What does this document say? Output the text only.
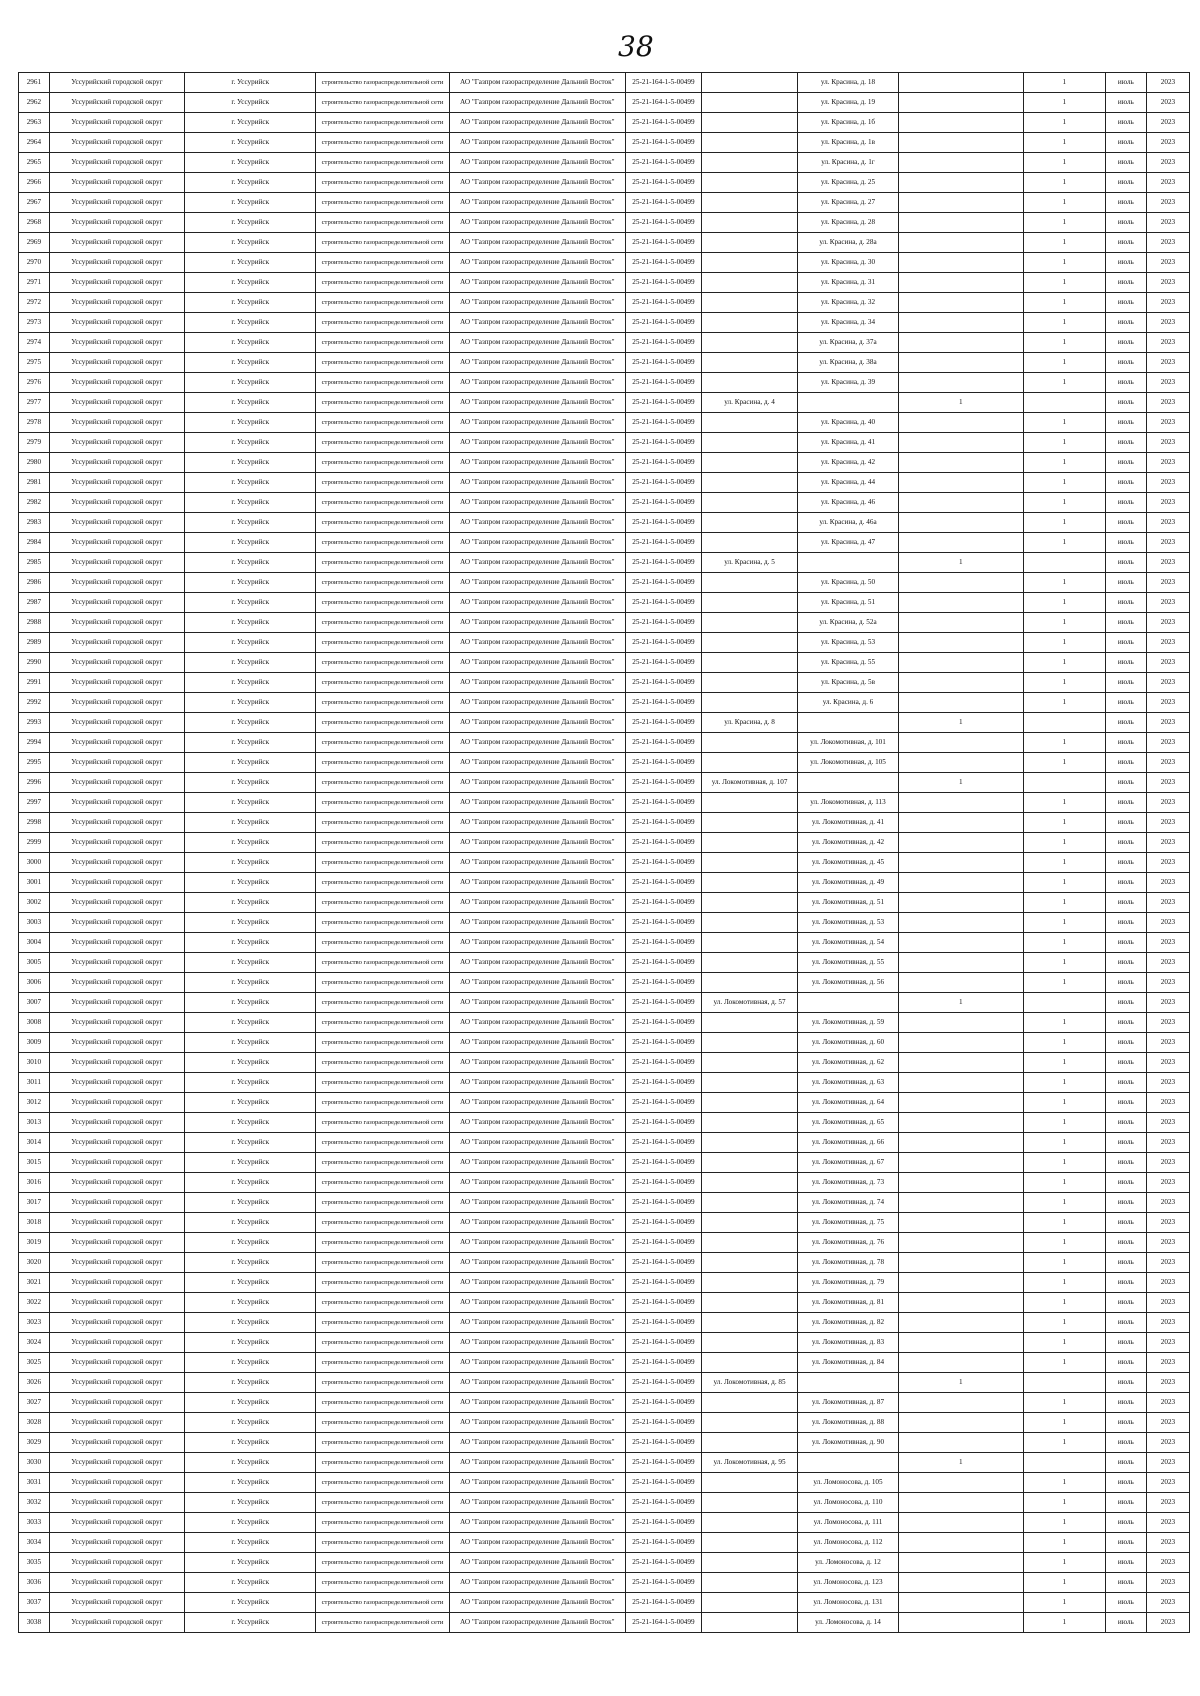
38
2961	Уссурийский городской округ	г. Уссурийск	строительство газораспределительной сети	АО "Газпром газораспределение Дальний Восток"	25-21-164-1-5-00499		ул. Красина, д. 18		1	июль	2023
2962	Уссурийский городской округ	г. Уссурийск	строительство газораспределительной сети	АО "Газпром газораспределение Дальний Восток"	25-21-164-1-5-00499		ул. Красина, д. 19		1	июль	2023
2963	Уссурийский городской округ	г. Уссурийск	строительство газораспределительной сети	АО "Газпром газораспределение Дальний Восток"	25-21-164-1-5-00499		ул. Красина, д. 1б		1	июль	2023
2964	Уссурийский городской округ	г. Уссурийск	строительство газораспределительной сети	АО "Газпром газораспределение Дальний Восток"	25-21-164-1-5-00499		ул. Красина, д. 1в		1	июль	2023
2965	Уссурийский городской округ	г. Уссурийск	строительство газораспределительной сети	АО "Газпром газораспределение Дальний Восток"	25-21-164-1-5-00499		ул. Красина, д. 1г		1	июль	2023
2966	Уссурийский городской округ	г. Уссурийск	строительство газораспределительной сети	АО "Газпром газораспределение Дальний Восток"	25-21-164-1-5-00499		ул. Красина, д. 25		1	июль	2023
2967	Уссурийский городской округ	г. Уссурийск	строительство газораспределительной сети	АО "Газпром газораспределение Дальний Восток"	25-21-164-1-5-00499		ул. Красина, д. 27		1	июль	2023
2968	Уссурийский городской округ	г. Уссурийск	строительство газораспределительной сети	АО "Газпром газораспределение Дальний Восток"	25-21-164-1-5-00499		ул. Красина, д. 28		1	июль	2023
2969	Уссурийский городской округ	г. Уссурийск	строительство газораспределительной сети	АО "Газпром газораспределение Дальний Восток"	25-21-164-1-5-00499		ул. Красина, д. 28а		1	июль	2023
2970	Уссурийский городской округ	г. Уссурийск	строительство газораспределительной сети	АО "Газпром газораспределение Дальний Восток"	25-21-164-1-5-00499		ул. Красина, д. 30		1	июль	2023
2971	Уссурийский городской округ	г. Уссурийск	строительство газораспределительной сети	АО "Газпром газораспределение Дальний Восток"	25-21-164-1-5-00499		ул. Красина, д. 31		1	июль	2023
2972	Уссурийский городской округ	г. Уссурийск	строительство газораспределительной сети	АО "Газпром газораспределение Дальний Восток"	25-21-164-1-5-00499		ул. Красина, д. 32		1	июль	2023
2973	Уссурийский городской округ	г. Уссурийск	строительство газораспределительной сети	АО "Газпром газораспределение Дальний Восток"	25-21-164-1-5-00499		ул. Красина, д. 34		1	июль	2023
2974	Уссурийский городской округ	г. Уссурийск	строительство газораспределительной сети	АО "Газпром газораспределение Дальний Восток"	25-21-164-1-5-00499		ул. Красина, д. 37а		1	июль	2023
2975	Уссурийский городской округ	г. Уссурийск	строительство газораспределительной сети	АО "Газпром газораспределение Дальний Восток"	25-21-164-1-5-00499		ул. Красина, д. 38а		1	июль	2023
2976	Уссурийский городской округ	г. Уссурийск	строительство газораспределительной сети	АО "Газпром газораспределение Дальний Восток"	25-21-164-1-5-00499		ул. Красина, д. 39		1	июль	2023
2977	Уссурийский городской округ	г. Уссурийск	строительство газораспределительной сети	АО "Газпром газораспределение Дальний Восток"	25-21-164-1-5-00499	ул. Красина, д. 4		1		июль	2023
2978	Уссурийский городской округ	г. Уссурийск	строительство газораспределительной сети	АО "Газпром газораспределение Дальний Восток"	25-21-164-1-5-00499		ул. Красина, д. 40		1	июль	2023
2979	Уссурийский городской округ	г. Уссурийск	строительство газораспределительной сети	АО "Газпром газораспределение Дальний Восток"	25-21-164-1-5-00499		ул. Красина, д. 41		1	июль	2023
2980	Уссурийский городской округ	г. Уссурийск	строительство газораспределительной сети	АО "Газпром газораспределение Дальний Восток"	25-21-164-1-5-00499		ул. Красина, д. 42		1	июль	2023
2981	Уссурийский городской округ	г. Уссурийск	строительство газораспределительной сети	АО "Газпром газораспределение Дальний Восток"	25-21-164-1-5-00499		ул. Красина, д. 44		1	июль	2023
2982	Уссурийский городской округ	г. Уссурийск	строительство газораспределительной сети	АО "Газпром газораспределение Дальний Восток"	25-21-164-1-5-00499		ул. Красина, д. 46		1	июль	2023
2983	Уссурийский городской округ	г. Уссурийск	строительство газораспределительной сети	АО "Газпром газораспределение Дальний Восток"	25-21-164-1-5-00499		ул. Красина, д. 46а		1	июль	2023
2984	Уссурийский городской округ	г. Уссурийск	строительство газораспределительной сети	АО "Газпром газораспределение Дальний Восток"	25-21-164-1-5-00499		ул. Красина, д. 47		1	июль	2023
2985	Уссурийский городской округ	г. Уссурийск	строительство газораспределительной сети	АО "Газпром газораспределение Дальний Восток"	25-21-164-1-5-00499	ул. Красина, д. 5		1		июль	2023
2986	Уссурийский городской округ	г. Уссурийск	строительство газораспределительной сети	АО "Газпром газораспределение Дальний Восток"	25-21-164-1-5-00499		ул. Красина, д. 50		1	июль	2023
2987	Уссурийский городской округ	г. Уссурийск	строительство газораспределительной сети	АО "Газпром газораспределение Дальний Восток"	25-21-164-1-5-00499		ул. Красина, д. 51		1	июль	2023
2988	Уссурийский городской округ	г. Уссурийск	строительство газораспределительной сети	АО "Газпром газораспределение Дальний Восток"	25-21-164-1-5-00499		ул. Красина, д. 52а		1	июль	2023
2989	Уссурийский городской округ	г. Уссурийск	строительство газораспределительной сети	АО "Газпром газораспределение Дальний Восток"	25-21-164-1-5-00499		ул. Красина, д. 53		1	июль	2023
2990	Уссурийский городской округ	г. Уссурийск	строительство газораспределительной сети	АО "Газпром газораспределение Дальний Восток"	25-21-164-1-5-00499		ул. Красина, д. 55		1	июль	2023
2991	Уссурийский городской округ	г. Уссурийск	строительство газораспределительной сети	АО "Газпром газораспределение Дальний Восток"	25-21-164-1-5-00499		ул. Красина, д. 5в		1	июль	2023
2992	Уссурийский городской округ	г. Уссурийск	строительство газораспределительной сети	АО "Газпром газораспределение Дальний Восток"	25-21-164-1-5-00499		ул. Красина, д. 6		1	июль	2023
2993	Уссурийский городской округ	г. Уссурийск	строительство газораспределительной сети	АО "Газпром газораспределение Дальний Восток"	25-21-164-1-5-00499	ул. Красина, д. 8		1		июль	2023
2994	Уссурийский городской округ	г. Уссурийск	строительство газораспределительной сети	АО "Газпром газораспределение Дальний Восток"	25-21-164-1-5-00499		ул. Локомотивная, д. 101		1	июль	2023
2995	Уссурийский городской округ	г. Уссурийск	строительство газораспределительной сети	АО "Газпром газораспределение Дальний Восток"	25-21-164-1-5-00499		ул. Локомотивная, д. 105		1	июль	2023
2996	Уссурийский городской округ	г. Уссурийск	строительство газораспределительной сети	АО "Газпром газораспределение Дальний Восток"	25-21-164-1-5-00499	ул. Локомотивная, д. 107		1		июль	2023
2997	Уссурийский городской округ	г. Уссурийск	строительство газораспределительной сети	АО "Газпром газораспределение Дальний Восток"	25-21-164-1-5-00499		ул. Локомотивная, д. 113		1	июль	2023
2998	Уссурийский городской округ	г. Уссурийск	строительство газораспределительной сети	АО "Газпром газораспределение Дальний Восток"	25-21-164-1-5-00499		ул. Локомотивная, д. 41		1	июль	2023
2999	Уссурийский городской округ	г. Уссурийск	строительство газораспределительной сети	АО "Газпром газораспределение Дальний Восток"	25-21-164-1-5-00499		ул. Локомотивная, д. 42		1	июль	2023
3000	Уссурийский городской округ	г. Уссурийск	строительство газораспределительной сети	АО "Газпром газораспределение Дальний Восток"	25-21-164-1-5-00499		ул. Локомотивная, д. 45		1	июль	2023
3001	Уссурийский городской округ	г. Уссурийск	строительство газораспределительной сети	АО "Газпром газораспределение Дальний Восток"	25-21-164-1-5-00499		ул. Локомотивная, д. 49		1	июль	2023
3002	Уссурийский городской округ	г. Уссурийск	строительство газораспределительной сети	АО "Газпром газораспределение Дальний Восток"	25-21-164-1-5-00499		ул. Локомотивная, д. 51		1	июль	2023
3003	Уссурийский городской округ	г. Уссурийск	строительство газораспределительной сети	АО "Газпром газораспределение Дальний Восток"	25-21-164-1-5-00499		ул. Локомотивная, д. 53		1	июль	2023
3004	Уссурийский городской округ	г. Уссурийск	строительство газораспределительной сети	АО "Газпром газораспределение Дальний Восток"	25-21-164-1-5-00499		ул. Локомотивная, д. 54		1	июль	2023
3005	Уссурийский городской округ	г. Уссурийск	строительство газораспределительной сети	АО "Газпром газораспределение Дальний Восток"	25-21-164-1-5-00499		ул. Локомотивная, д. 55		1	июль	2023
3006	Уссурийский городской округ	г. Уссурийск	строительство газораспределительной сети	АО "Газпром газораспределение Дальний Восток"	25-21-164-1-5-00499		ул. Локомотивная, д. 56		1	июль	2023
3007	Уссурийский городской округ	г. Уссурийск	строительство газораспределительной сети	АО "Газпром газораспределение Дальний Восток"	25-21-164-1-5-00499	ул. Локомотивная, д. 57		1		июль	2023
3008	Уссурийский городской округ	г. Уссурийск	строительство газораспределительной сети	АО "Газпром газораспределение Дальний Восток"	25-21-164-1-5-00499		ул. Локомотивная, д. 59		1	июль	2023
3009	Уссурийский городской округ	г. Уссурийск	строительство газораспределительной сети	АО "Газпром газораспределение Дальний Восток"	25-21-164-1-5-00499		ул. Локомотивная, д. 60		1	июль	2023
3010	Уссурийский городской округ	г. Уссурийск	строительство газораспределительной сети	АО "Газпром газораспределение Дальний Восток"	25-21-164-1-5-00499		ул. Локомотивная, д. 62		1	июль	2023
3011	Уссурийский городской округ	г. Уссурийск	строительство газораспределительной сети	АО "Газпром газораспределение Дальний Восток"	25-21-164-1-5-00499		ул. Локомотивная, д. 63		1	июль	2023
3012	Уссурийский городской округ	г. Уссурийск	строительство газораспределительной сети	АО "Газпром газораспределение Дальний Восток"	25-21-164-1-5-00499		ул. Локомотивная, д. 64		1	июль	2023
3013	Уссурийский городской округ	г. Уссурийск	строительство газораспределительной сети	АО "Газпром газораспределение Дальний Восток"	25-21-164-1-5-00499		ул. Локомотивная, д. 65		1	июль	2023
3014	Уссурийский городской округ	г. Уссурийск	строительство газораспределительной сети	АО "Газпром газораспределение Дальний Восток"	25-21-164-1-5-00499		ул. Локомотивная, д. 66		1	июль	2023
3015	Уссурийский городской округ	г. Уссурийск	строительство газораспределительной сети	АО "Газпром газораспределение Дальний Восток"	25-21-164-1-5-00499		ул. Локомотивная, д. 67		1	июль	2023
3016	Уссурийский городской округ	г. Уссурийск	строительство газораспределительной сети	АО "Газпром газораспределение Дальний Восток"	25-21-164-1-5-00499		ул. Локомотивная, д. 73		1	июль	2023
3017	Уссурийский городской округ	г. Уссурийск	строительство газораспределительной сети	АО "Газпром газораспределение Дальний Восток"	25-21-164-1-5-00499		ул. Локомотивная, д. 74		1	июль	2023
3018	Уссурийский городской округ	г. Уссурийск	строительство газораспределительной сети	АО "Газпром газораспределение Дальний Восток"	25-21-164-1-5-00499		ул. Локомотивная, д. 75		1	июль	2023
3019	Уссурийский городской округ	г. Уссурийск	строительство газораспределительной сети	АО "Газпром газораспределение Дальний Восток"	25-21-164-1-5-00499		ул. Локомотивная, д. 76		1	июль	2023
3020	Уссурийский городской округ	г. Уссурийск	строительство газораспределительной сети	АО "Газпром газораспределение Дальний Восток"	25-21-164-1-5-00499		ул. Локомотивная, д. 78		1	июль	2023
3021	Уссурийский городской округ	г. Уссурийск	строительство газораспределительной сети	АО "Газпром газораспределение Дальний Восток"	25-21-164-1-5-00499		ул. Локомотивная, д. 79		1	июль	2023
3022	Уссурийский городской округ	г. Уссурийск	строительство газораспределительной сети	АО "Газпром газораспределение Дальний Восток"	25-21-164-1-5-00499		ул. Локомотивная, д. 81		1	июль	2023
3023	Уссурийский городской округ	г. Уссурийск	строительство газораспределительной сети	АО "Газпром газораспределение Дальний Восток"	25-21-164-1-5-00499		ул. Локомотивная, д. 82		1	июль	2023
3024	Уссурийский городской округ	г. Уссурийск	строительство газораспределительной сети	АО "Газпром газораспределение Дальний Восток"	25-21-164-1-5-00499		ул. Локомотивная, д. 83		1	июль	2023
3025	Уссурийский городской округ	г. Уссурийск	строительство газораспределительной сети	АО "Газпром газораспределение Дальний Восток"	25-21-164-1-5-00499		ул. Локомотивная, д. 84		1	июль	2023
3026	Уссурийский городской округ	г. Уссурийск	строительство газораспределительной сети	АО "Газпром газораспределение Дальний Восток"	25-21-164-1-5-00499	ул. Локомотивная, д. 85		1		июль	2023
3027	Уссурийский городской округ	г. Уссурийск	строительство газораспределительной сети	АО "Газпром газораспределение Дальний Восток"	25-21-164-1-5-00499		ул. Локомотивная, д. 87		1	июль	2023
3028	Уссурийский городской округ	г. Уссурийск	строительство газораспределительной сети	АО "Газпром газораспределение Дальний Восток"	25-21-164-1-5-00499		ул. Локомотивная, д. 88		1	июль	2023
3029	Уссурийский городской округ	г. Уссурийск	строительство газораспределительной сети	АО "Газпром газораспределение Дальний Восток"	25-21-164-1-5-00499		ул. Локомотивная, д. 90		1	июль	2023
3030	Уссурийский городской округ	г. Уссурийск	строительство газораспределительной сети	АО "Газпром газораспределение Дальний Восток"	25-21-164-1-5-00499	ул. Локомотивная, д. 95		1		июль	2023
3031	Уссурийский городской округ	г. Уссурийск	строительство газораспределительной сети	АО "Газпром газораспределение Дальний Восток"	25-21-164-1-5-00499		ул. Ломоносова, д. 105		1	июль	2023
3032	Уссурийский городской округ	г. Уссурийск	строительство газораспределительной сети	АО "Газпром газораспределение Дальний Восток"	25-21-164-1-5-00499		ул. Ломоносова, д. 110		1	июль	2023
3033	Уссурийский городской округ	г. Уссурийск	строительство газораспределительной сети	АО "Газпром газораспределение Дальний Восток"	25-21-164-1-5-00499		ул. Ломоносова, д. 111		1	июль	2023
3034	Уссурийский городской округ	г. Уссурийск	строительство газораспределительной сети	АО "Газпром газораспределение Дальний Восток"	25-21-164-1-5-00499		ул. Ломоносова, д. 112		1	июль	2023
3035	Уссурийский городской округ	г. Уссурийск	строительство газораспределительной сети	АО "Газпром газораспределение Дальний Восток"	25-21-164-1-5-00499		ул. Ломоносова, д. 12		1	июль	2023
3036	Уссурийский городской округ	г. Уссурийск	строительство газораспределительной сети	АО "Газпром газораспределение Дальний Восток"	25-21-164-1-5-00499		ул. Ломоносова, д. 123		1	июль	2023
3037	Уссурийский городской округ	г. Уссурийск	строительство газораспределительной сети	АО "Газпром газораспределение Дальний Восток"	25-21-164-1-5-00499		ул. Ломоносова, д. 131		1	июль	2023
3038	Уссурийский городской округ	г. Уссурийск	строительство газораспределительной сети	АО "Газпром газораспределение Дальний Восток"	25-21-164-1-5-00499		ул. Ломоносова, д. 14		1	июль	2023
